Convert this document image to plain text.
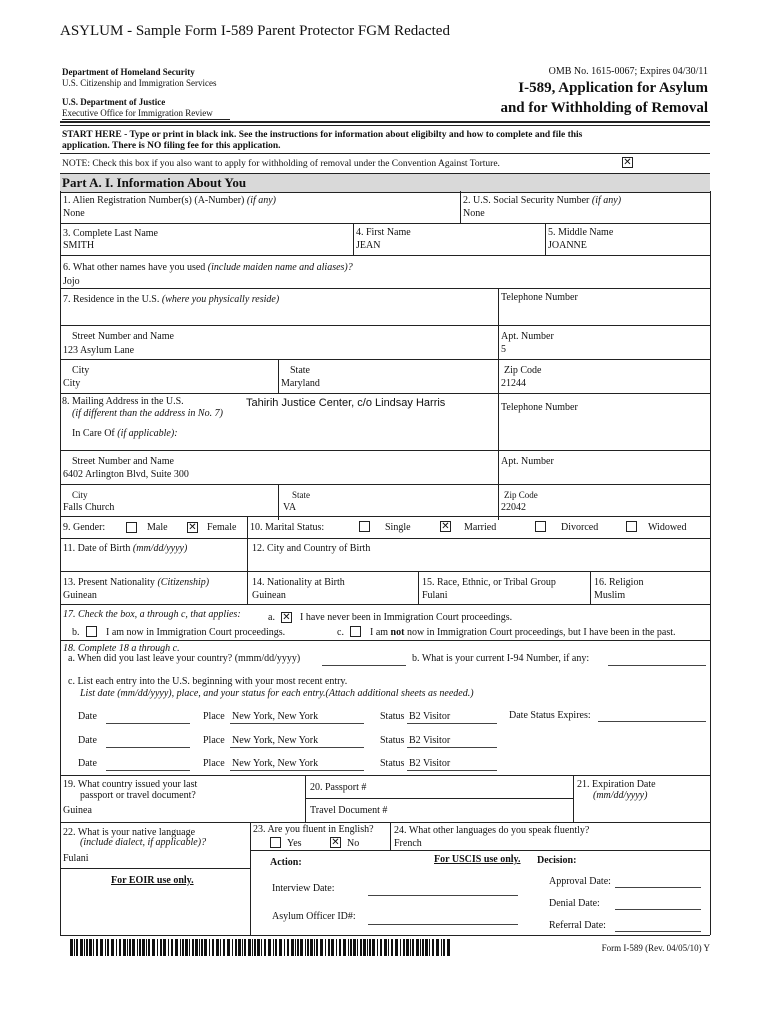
ASYLUM - Sample Form I-589 Parent Protector FGM Redacted
Department of Homeland Security
U.S. Citizenship and Immigration Services
U.S. Department of Justice
Executive Office for Immigration Review
OMB No. 1615-0067; Expires 04/30/11
I-589, Application for Asylum
and for Withholding of Removal
START HERE - Type or print in black ink. See the instructions for information about eligibilty and how to complete and file this
application. There is NO filing fee for this application.
NOTE: Check this box if you also want to apply for withholding of removal under the Convention Against Torture.	✕
Part A. I. Information About You
1. Alien Registration Number(s) (A-Number) (if any)
None
2. U.S. Social Security Number (if any)
None
3. Complete Last Name
SMITH
4. First Name
JEAN
5. Middle Name
JOANNE
6. What other names have you used (include maiden name and aliases)?
Jojo
7. Residence in the U.S. (where you physically reside)	Telephone Number
Street Number and Name
123 Asylum Lane
Apt. Number
5
City
City
State
Maryland
Zip Code
21244
8. Mailing Address in the U.S.
(if different than the address in No. 7)
Tahirih Justice Center, c/o Lindsay Harris
In Care Of (if applicable):
Telephone Number
Street Number and Name
6402 Arlington Blvd, Suite 300
Apt. Number
City
Falls Church
State
VA
Zip Code
22042
9. Gender:	Male ✕ Female 10. Marital Status:	Single	✕ Married	Divorced	Widowed
11. Date of Birth (mm/dd/yyyy)	12. City and Country of Birth
13. Present Nationality (Citizenship)
Guinean
14. Nationality at Birth
Guinean
15. Race, Ethnic, or Tribal Group
Fulani
16. Religion
Muslim
17. Check the box, a through c, that applies:	a. ✕ I have never been in Immigration Court proceedings.
b.	I am now in Immigration Court proceedings.	c.	I am not now in Immigration Court proceedings, but I have been in the past.
18. Complete 18 a through c.
a. When did you last leave your country? (mmm/dd/yyyy)	b. What is your current I-94 Number, if any:
c. List each entry into the U.S. beginning with your most recent entry.
List date (mm/dd/yyyy), place, and your status for each entry.(Attach additional sheets as needed.)
Date	Place New York, New York	Status B2 Visitor	Date Status Expires:
Date	Place New York, New York	Status B2 Visitor
Date	Place New York, New York	Status B2 Visitor
19. What country issued your last
passport or travel document?
Guinea
20. Passport #
Travel Document #
21. Expiration Date
(mm/dd/yyyy)
22. What is your native language
(include dialect, if applicable)?
Fulani
23. Are you fluent in English?
Yes	✕ No
24. What other languages do you speak fluently?
French
For EOIR use only.
Action:	For USCIS use only. Decision:
Interview Date:
Asylum Officer ID#:
Approval Date:
Denial Date:
Referral Date:
Form I-589 (Rev. 04/05/10) Y
